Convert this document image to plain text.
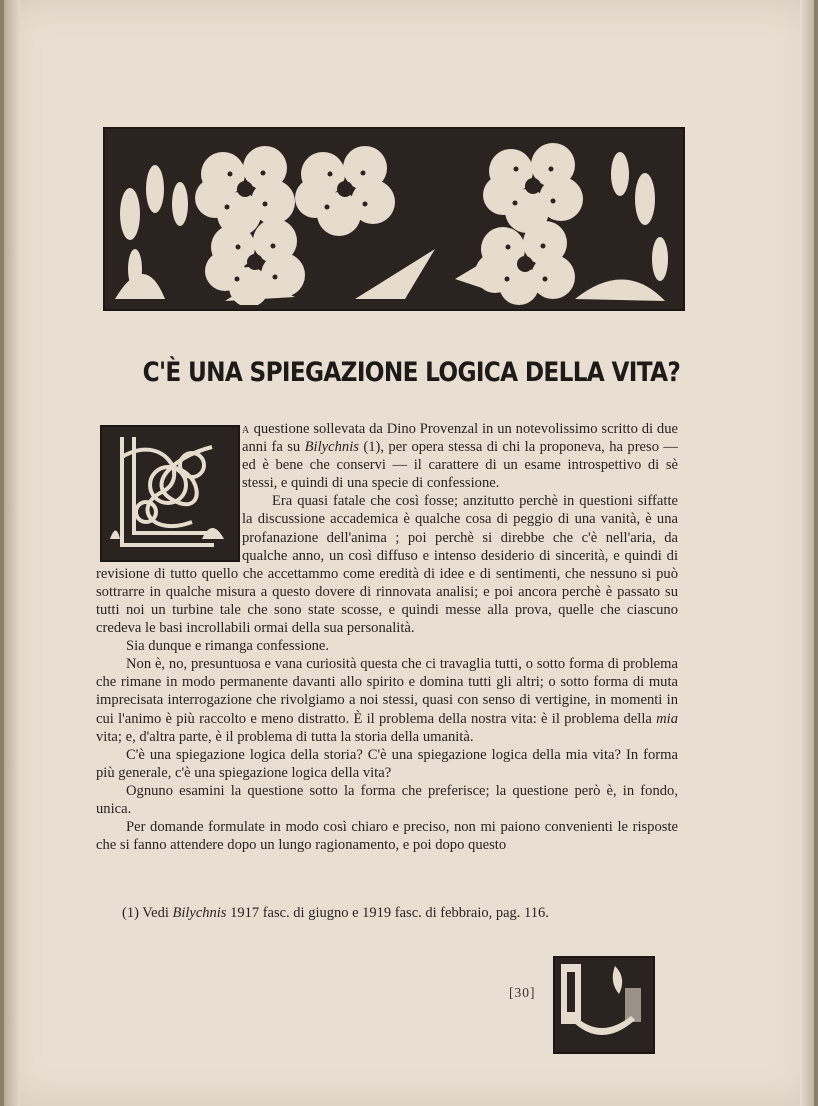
C'È UNA SPIEGAZIONE LOGICA DELLA VITA?

a questione sollevata da Dino Provenzal in un notevolissimo scritto di due anni fa su Bilychnis (1), per opera stessa di chi la proponeva, ha preso — ed è bene che conservi — il carattere di un esame introspettivo di sè stessi, e quindi di una specie di confessione.

Era quasi fatale che così fosse; anzitutto perchè in questioni siffatte la discussione accademica è qualche cosa di peggio di una vanità, è una profanazione dell'anima ; poi perchè si direbbe che c'è nell'aria, da qualche anno, un così diffuso e intenso desiderio di sincerità, e quindi di revisione di tutto quello che accettammo come eredità di idee e di sentimenti, che nessuno si può sottrarre in qualche misura a questo dovere di rinnovata analisi; e poi ancora perchè è passato su tutti noi un turbine tale che sono state scosse, e quindi messe alla prova, quelle che ciascuno credeva le basi incrollabili ormai della sua personalità.

Sia dunque e rimanga confessione.

Non è, no, presuntuosa e vana curiosità questa che ci travaglia tutti, o sotto forma di problema che rimane in modo permanente davanti allo spirito e domina tutti gli altri; o sotto forma di muta imprecisata interrogazione che rivolgiamo a noi stessi, quasi con senso di vertigine, in momenti in cui l'animo è più raccolto e meno distratto. È il problema della nostra vita: è il problema della mia vita; e, d'altra parte, è il problema di tutta la storia della umanità.

C'è una spiegazione logica della storia? C'è una spiegazione logica della mia vita? In forma più generale, c'è una spiegazione logica della vita?

Ognuno esamini la questione sotto la forma che preferisce; la questione però è, in fondo, unica.

Per domande formulate in modo così chiaro e preciso, non mi paiono convenienti le risposte che si fanno attendere dopo un lungo ragionamento, e poi dopo questo

(1) Vedi Bilychnis 1917 fasc. di giugno e 1919 fasc. di febbraio, pag. 116.
[30]
